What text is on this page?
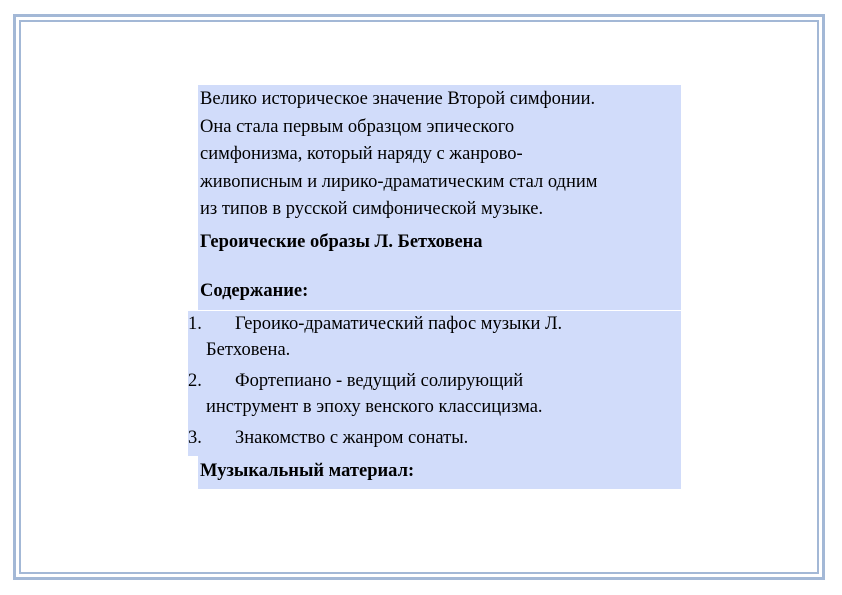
Велико историческое значение Второй симфонии.

Она стала первым образцом эпического

симфонизма, который наряду с жанрово-

живописным и лирико-драматическим стал одним

из типов в русской симфонической музыке.

Героические образы Л. Бетховена

Содержание:

1.	Героико-драматический пафос музыки Л.
Бетховена.
2.	Фортепиано - ведущий солирующий
инструмент в эпоху венского классицизма.
3.	Знакомство с жанром сонаты.
Музыкальный материал:
